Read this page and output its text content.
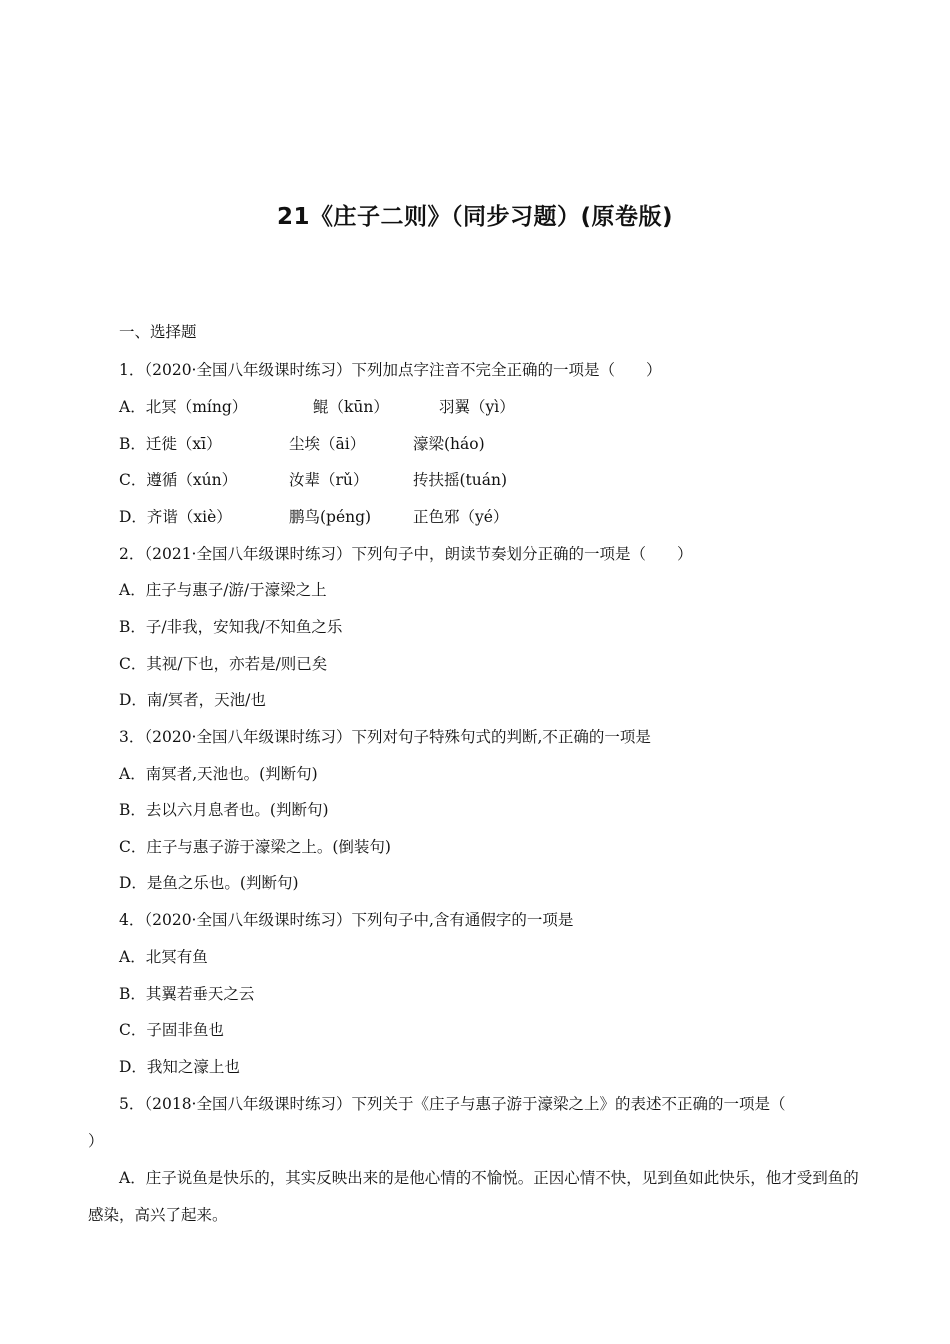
21《庄子二则》（同步习题）(原卷版)
一、选择题
1．（2020·全国八年级课时练习）下列加点字注音不完全正确的一项是（　　）
A．北冥（míng）	鲲（kūn）	羽翼（yì）
B．迁徙（xī）	尘埃（āi）	濠梁(háo)
C．遵循（xún）	汝辈（rǔ）	抟扶摇(tuán)
D．齐谐（xiè）	鹏鸟(péng)	正色邪（yé）
2．（2021·全国八年级课时练习）下列句子中，朗读节奏划分正确的一项是（　　）
A．庄子与惠子/游/于濠梁之上
B．子/非我，安知我/不知鱼之乐
C．其视/下也，亦若是/则已矣
D．南/冥者，天池/也
3．（2020·全国八年级课时练习）下列对句子特殊句式的判断,不正确的一项是
A．南冥者,天池也。(判断句)
B．去以六月息者也。(判断句)
C．庄子与惠子游于濠梁之上。(倒装句)
D．是鱼之乐也。(判断句)
4．（2020·全国八年级课时练习）下列句子中,含有通假字的一项是
A．北冥有鱼
B．其翼若垂天之云
C．子固非鱼也
D．我知之濠上也
5．（2018·全国八年级课时练习）下列关于《庄子与惠子游于濠梁之上》的表述不正确的一项是（
）
A．庄子说鱼是快乐的，其实反映出来的是他心情的不愉悦。正因心情不快，见到鱼如此快乐，他才受到鱼的感染，高兴了起来。
